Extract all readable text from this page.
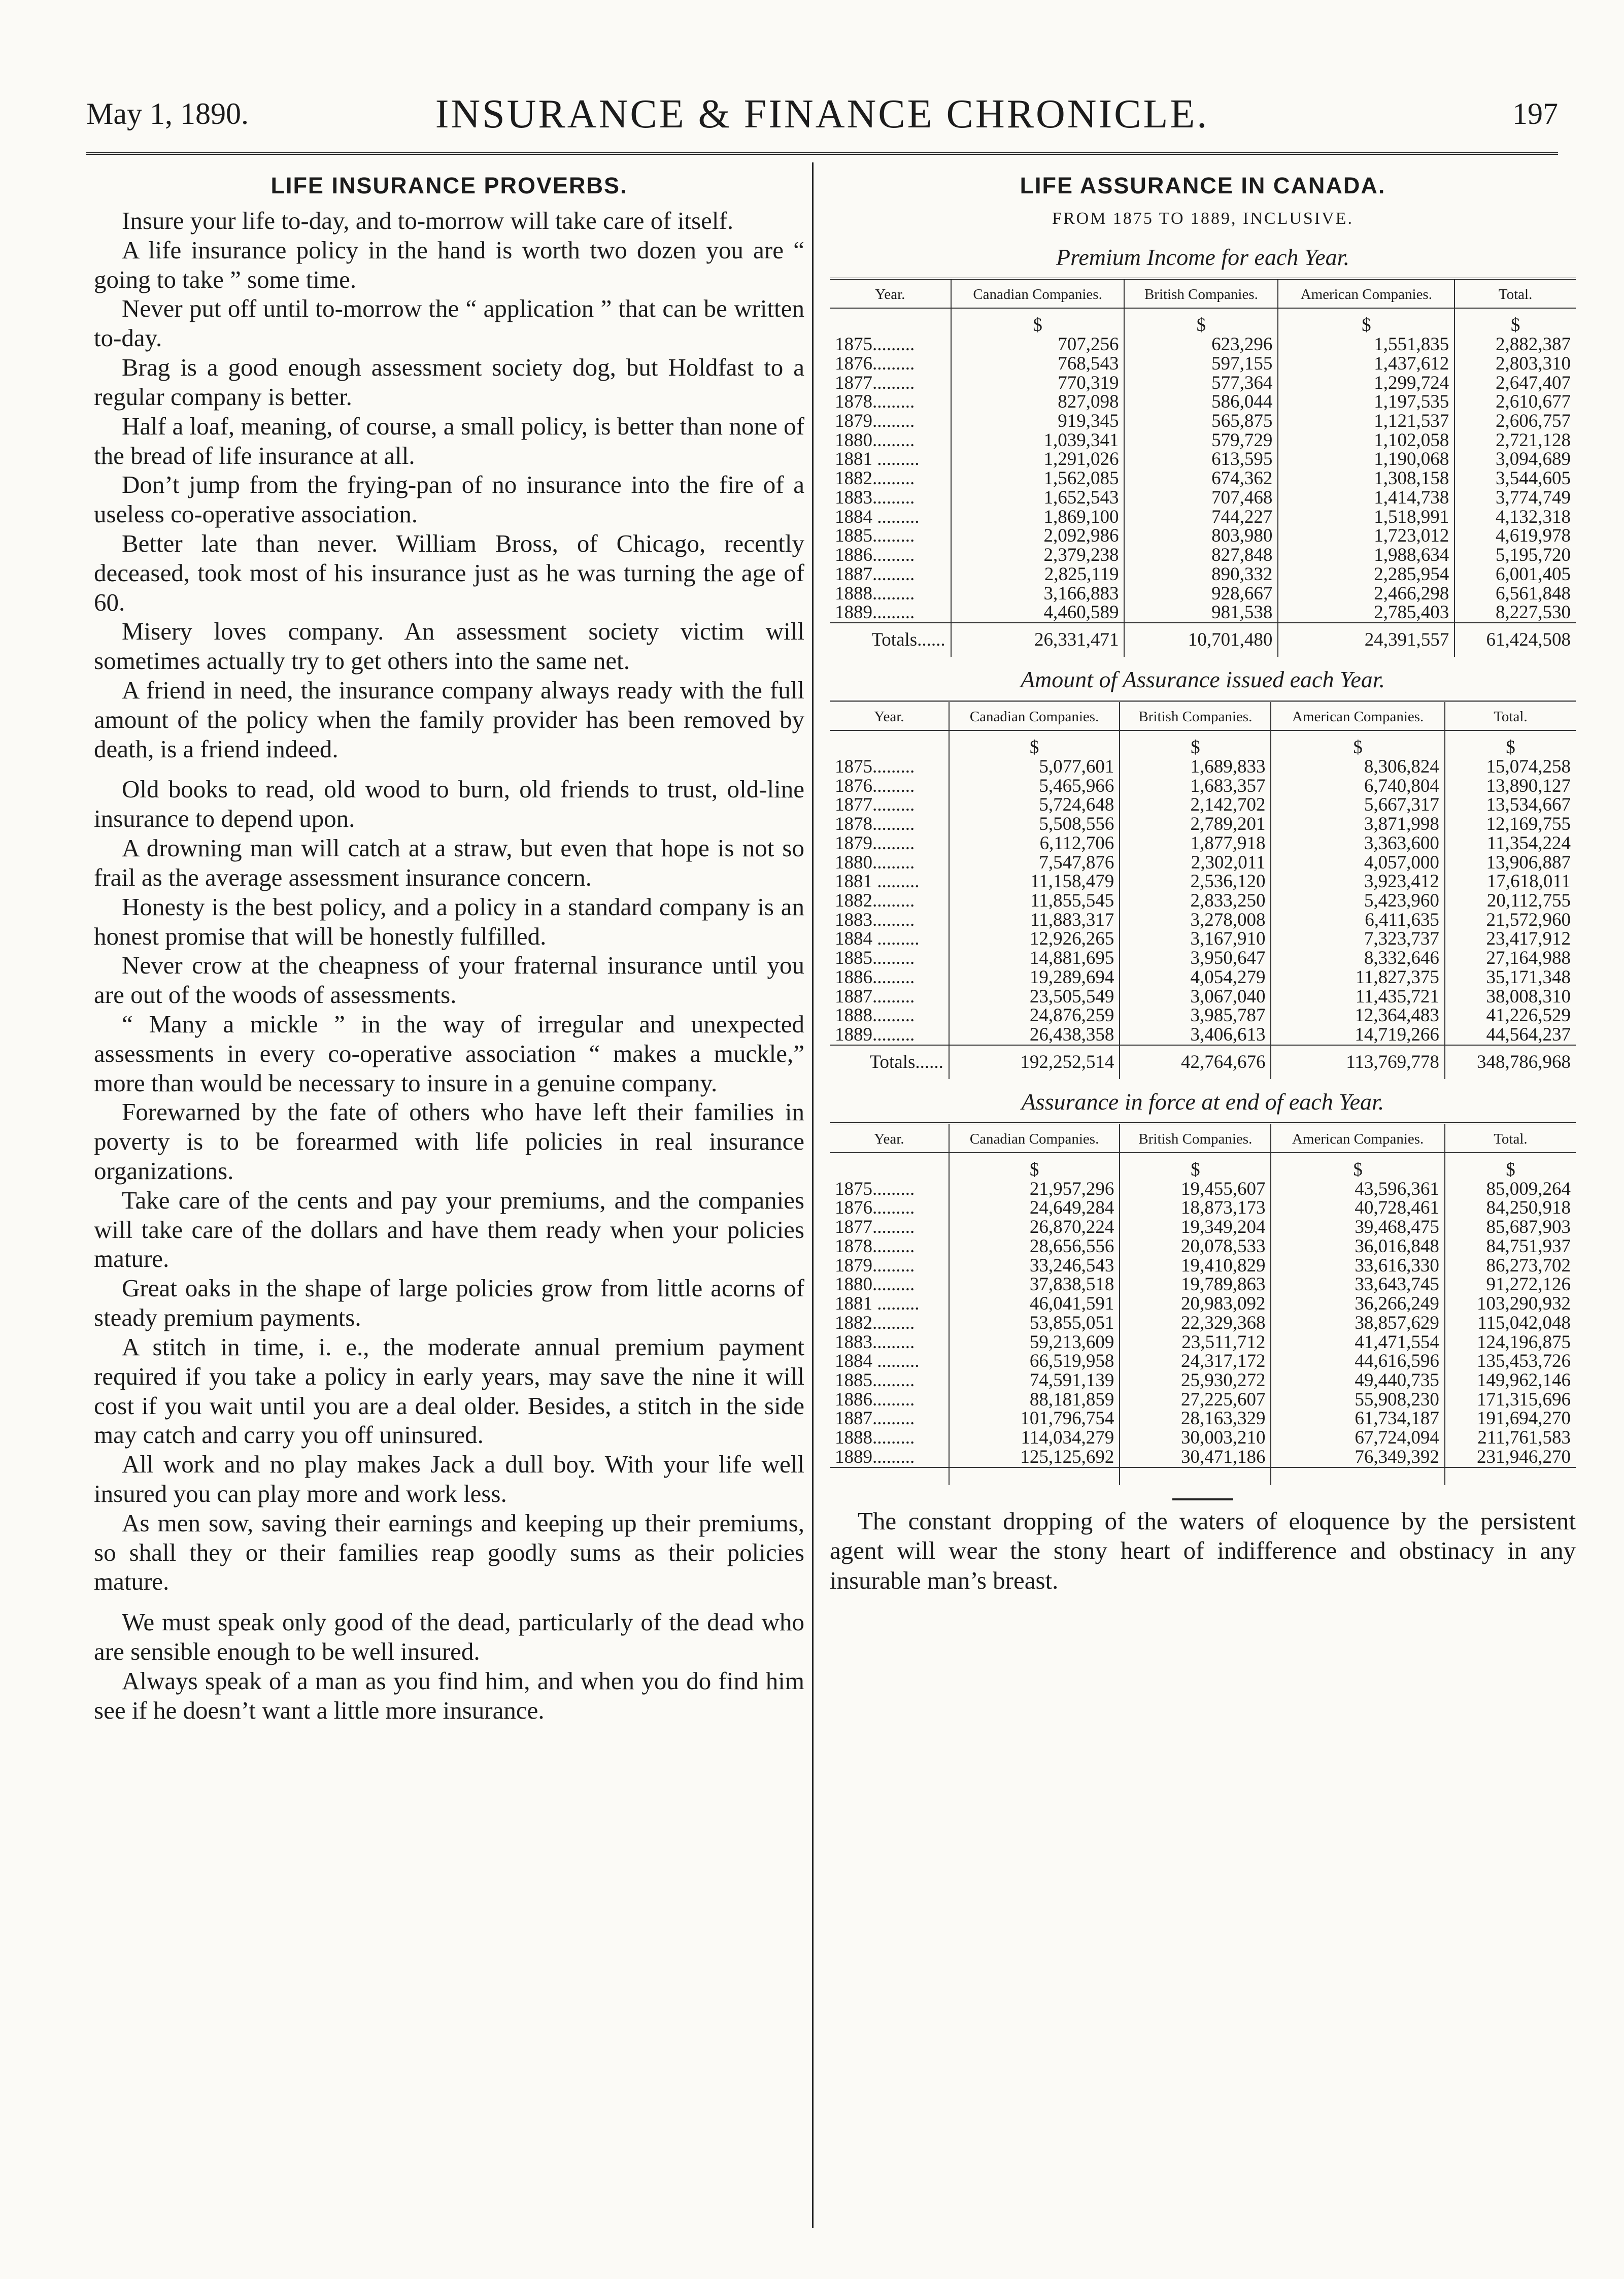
May 1, 1890.	INSURANCE & FINANCE CHRONICLE.	197
LIFE INSURANCE PROVERBS.

Insure your life to-day, and to-morrow will take care of itself.

A life insurance policy in the hand is worth two dozen you are “ going to take ” some time.

Never put off until to-morrow the “ application ” that can be written to-day.

Brag is a good enough assessment society dog, but Holdfast to a regular company is better.

Half a loaf, meaning, of course, a small policy, is better than none of the bread of life insurance at all.

Don’t jump from the frying-pan of no insurance into the fire of a useless co-operative association.

Better late than never. William Bross, of Chicago, recently deceased, took most of his insurance just as he was turning the age of 60.

Misery loves company. An assessment society victim will sometimes actually try to get others into the same net.

A friend in need, the insurance company always ready with the full amount of the policy when the family provider has been removed by death, is a friend indeed.

Old books to read, old wood to burn, old friends to trust, old-line insurance to depend upon.

A drowning man will catch at a straw, but even that hope is not so frail as the average assessment insurance concern.

Honesty is the best policy, and a policy in a standard company is an honest promise that will be honestly fulfilled.

Never crow at the cheapness of your fraternal insurance until you are out of the woods of assessments.

“ Many a mickle ” in the way of irregular and unexpected assessments in every co-operative association “ makes a muckle,” more than would be necessary to insure in a genuine company.

Forewarned by the fate of others who have left their families in poverty is to be forearmed with life policies in real insurance organizations.

Take care of the cents and pay your premiums, and the companies will take care of the dollars and have them ready when your policies mature.

Great oaks in the shape of large policies grow from little acorns of steady premium payments.

A stitch in time, i. e., the moderate annual premium payment required if you take a policy in early years, may save the nine it will cost if you wait until you are a deal older. Besides, a stitch in the side may catch and carry you off uninsured.

All work and no play makes Jack a dull boy. With your life well insured you can play more and work less.

As men sow, saving their earnings and keeping up their premiums, so shall they or their families reap goodly sums as their policies mature.

We must speak only good of the dead, particularly of the dead who are sensible enough to be well insured.

Always speak of a man as you find him, and when you do find him see if he doesn’t want a little more insurance.

LIFE ASSURANCE IN CANADA.
FROM 1875 TO 1889, INCLUSIVE.
Premium Income for each Year.
Year.	Canadian Companies.	British Companies.	American Companies.	Total.
	$	$	$	$
1875.........	707,256	623,296	1,551,835	2,882,387
1876.........	768,543	597,155	1,437,612	2,803,310
1877.........	770,319	577,364	1,299,724	2,647,407
1878.........	827,098	586,044	1,197,535	2,610,677
1879.........	919,345	565,875	1,121,537	2,606,757
1880.........	1,039,341	579,729	1,102,058	2,721,128
1881 .........	1,291,026	613,595	1,190,068	3,094,689
1882.........	1,562,085	674,362	1,308,158	3,544,605
1883.........	1,652,543	707,468	1,414,738	3,774,749
1884 .........	1,869,100	744,227	1,518,991	4,132,318
1885.........	2,092,986	803,980	1,723,012	4,619,978
1886.........	2,379,238	827,848	1,988,634	5,195,720
1887.........	2,825,119	890,332	2,285,954	6,001,405
1888.........	3,166,883	928,667	2,466,298	6,561,848
1889.........	4,460,589	981,538	2,785,403	8,227,530
Totals......	26,331,471	10,701,480	24,391,557	61,424,508
Amount of Assurance issued each Year.
Year.	Canadian Companies.	British Companies.	American Companies.	Total.
	$	$	$	$
1875.........	5,077,601	1,689,833	8,306,824	15,074,258
1876.........	5,465,966	1,683,357	6,740,804	13,890,127
1877.........	5,724,648	2,142,702	5,667,317	13,534,667
1878.........	5,508,556	2,789,201	3,871,998	12,169,755
1879.........	6,112,706	1,877,918	3,363,600	11,354,224
1880.........	7,547,876	2,302,011	4,057,000	13,906,887
1881 .........	11,158,479	2,536,120	3,923,412	17,618,011
1882.........	11,855,545	2,833,250	5,423,960	20,112,755
1883.........	11,883,317	3,278,008	6,411,635	21,572,960
1884 .........	12,926,265	3,167,910	7,323,737	23,417,912
1885.........	14,881,695	3,950,647	8,332,646	27,164,988
1886.........	19,289,694	4,054,279	11,827,375	35,171,348
1887.........	23,505,549	3,067,040	11,435,721	38,008,310
1888.........	24,876,259	3,985,787	12,364,483	41,226,529
1889.........	26,438,358	3,406,613	14,719,266	44,564,237
Totals......	192,252,514	42,764,676	113,769,778	348,786,968
Assurance in force at end of each Year.
Year.	Canadian Companies.	British Companies.	American Companies.	Total.
	$	$	$	$
1875.........	21,957,296	19,455,607	43,596,361	85,009,264
1876.........	24,649,284	18,873,173	40,728,461	84,250,918
1877.........	26,870,224	19,349,204	39,468,475	85,687,903
1878.........	28,656,556	20,078,533	36,016,848	84,751,937
1879.........	33,246,543	19,410,829	33,616,330	86,273,702
1880.........	37,838,518	19,789,863	33,643,745	91,272,126
1881 .........	46,041,591	20,983,092	36,266,249	103,290,932
1882.........	53,855,051	22,329,368	38,857,629	115,042,048
1883.........	59,213,609	23,511,712	41,471,554	124,196,875
1884 .........	66,519,958	24,317,172	44,616,596	135,453,726
1885.........	74,591,139	25,930,272	49,440,735	149,962,146
1886.........	88,181,859	27,225,607	55,908,230	171,315,696
1887.........	101,796,754	28,163,329	61,734,187	191,694,270
1888.........	114,034,279	30,003,210	67,724,094	211,761,583
1889.........	125,125,692	30,471,186	76,349,392	231,946,270

The constant dropping of the waters of eloquence by the persistent agent will wear the stony heart of indifference and obstinacy in any insurable man’s breast.
